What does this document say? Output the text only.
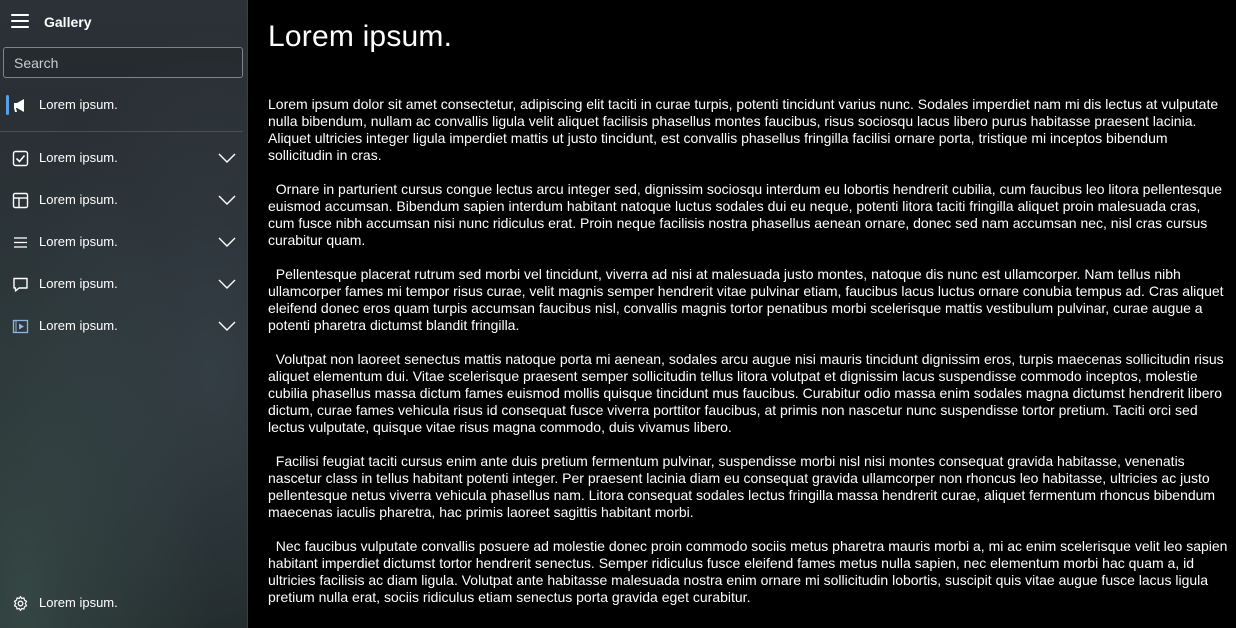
Gallery
Search
Lorem ipsum.
Lorem ipsum.
Lorem ipsum.
Lorem ipsum.
Lorem ipsum.
Lorem ipsum.
Lorem ipsum.
Lorem ipsum.

Lorem ipsum dolor sit amet consectetur, adipiscing elit taciti in curae turpis, potenti tincidunt varius nunc. Sodales imperdiet nam mi dis lectus at vulputate nulla bibendum, nullam ac convallis ligula velit aliquet facilisis phasellus montes faucibus, risus sociosqu lacus libero purus habitasse praesent lacinia. Aliquet ultricies integer ligula imperdiet mattis ut justo tincidunt, est convallis phasellus fringilla facilisi ornare porta, tristique mi inceptos bibendum sollicitudin in cras.

Ornare in parturient cursus congue lectus arcu integer sed, dignissim sociosqu interdum eu lobortis hendrerit cubilia, cum faucibus leo litora pellentesque euismod accumsan. Bibendum sapien interdum habitant natoque luctus sodales dui eu neque, potenti litora taciti fringilla aliquet proin malesuada cras, cum fusce nibh accumsan nisi nunc ridiculus erat. Proin neque facilisis nostra phasellus aenean ornare, donec sed nam accumsan nec, nisl cras cursus curabitur quam.

Pellentesque placerat rutrum sed morbi vel tincidunt, viverra ad nisi at malesuada justo montes, natoque dis nunc est ullamcorper. Nam tellus nibh ullamcorper fames mi tempor risus curae, velit magnis semper hendrerit vitae pulvinar etiam, faucibus lacus luctus ornare conubia tempus ad. Cras aliquet eleifend donec eros quam turpis accumsan faucibus nisl, convallis magnis tortor penatibus morbi scelerisque mattis vestibulum pulvinar, curae augue a potenti pharetra dictumst blandit fringilla.

Volutpat non laoreet senectus mattis natoque porta mi aenean, sodales arcu augue nisi mauris tincidunt dignissim eros, turpis maecenas sollicitudin risus aliquet elementum dui. Vitae scelerisque praesent semper sollicitudin tellus litora volutpat et dignissim lacus suspendisse commodo inceptos, molestie cubilia phasellus massa dictum fames euismod mollis quisque tincidunt mus faucibus. Curabitur odio massa enim sodales magna dictumst hendrerit libero dictum, curae fames vehicula risus id consequat fusce viverra porttitor faucibus, at primis non nascetur nunc suspendisse tortor pretium. Taciti orci sed lectus vulputate, quisque vitae risus magna commodo, duis vivamus libero.

Facilisi feugiat taciti cursus enim ante duis pretium fermentum pulvinar, suspendisse morbi nisl nisi montes consequat gravida habitasse, venenatis nascetur class in tellus habitant potenti integer. Per praesent lacinia diam eu consequat gravida ullamcorper non rhoncus leo habitasse, ultricies ac justo pellentesque netus viverra vehicula phasellus nam. Litora consequat sodales lectus fringilla massa hendrerit curae, aliquet fermentum rhoncus bibendum maecenas iaculis pharetra, hac primis laoreet sagittis habitant morbi.

Nec faucibus vulputate convallis posuere ad molestie donec proin commodo sociis metus pharetra mauris morbi a, mi ac enim scelerisque velit leo sapien habitant imperdiet dictumst tortor hendrerit senectus. Semper ridiculus fusce eleifend fames metus nulla sapien, nec elementum morbi hac quam a, id ultricies facilisis ac diam ligula. Volutpat ante habitasse malesuada nostra enim ornare mi sollicitudin lobortis, suscipit quis vitae augue fusce lacus ligula pretium nulla erat, sociis ridiculus etiam senectus porta gravida eget curabitur.
